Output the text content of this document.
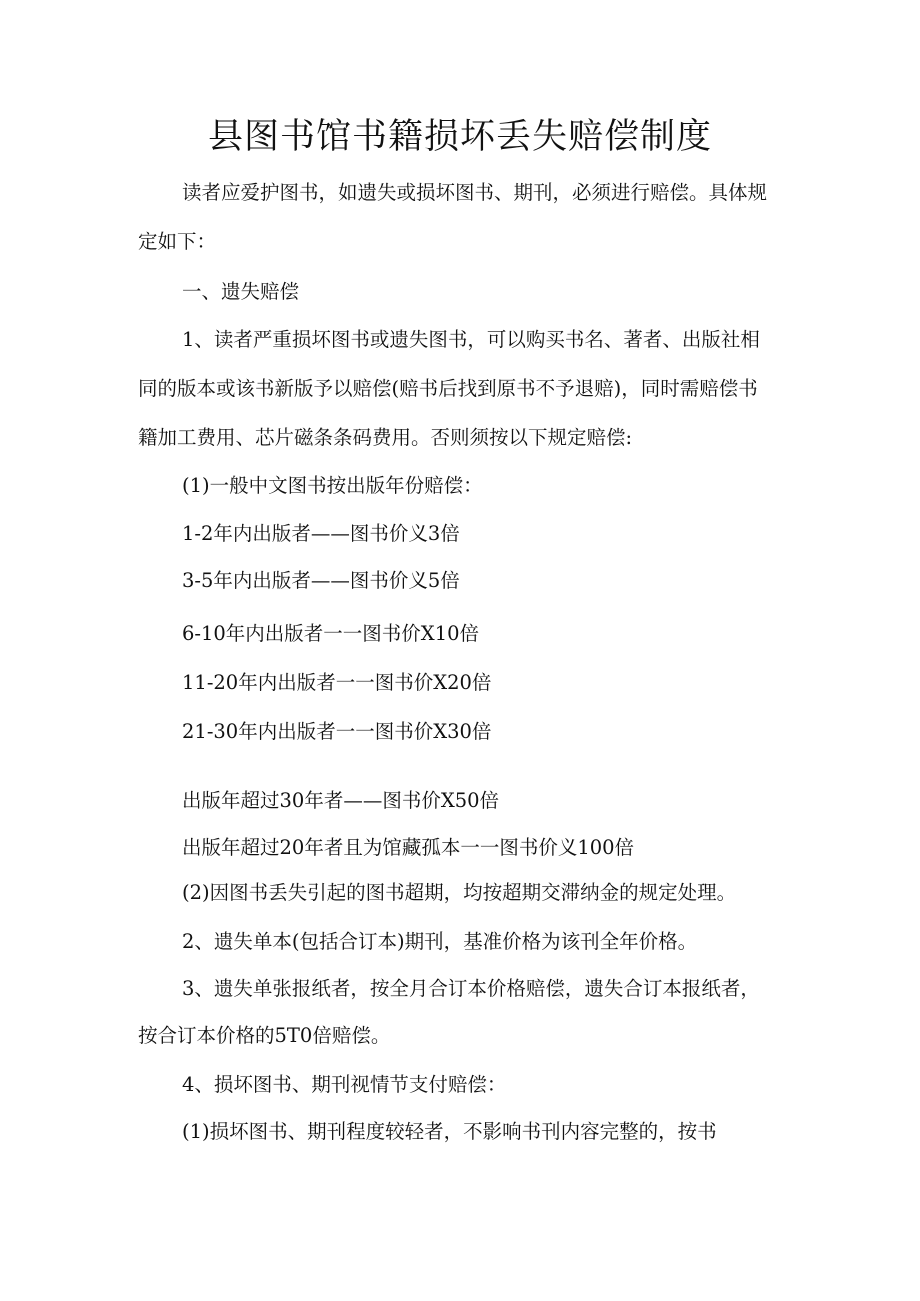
县图书馆书籍损坏丢失赔偿制度

读者应爱护图书，如遗失或损坏图书、期刊，必须进行赔偿。具体规

定如下：

一、遗失赔偿

1、读者严重损坏图书或遗失图书，可以购买书名、著者、出版社相

同的版本或该书新版予以赔偿(赔书后找到原书不予退赔)，同时需赔偿书

籍加工费用、芯片磁条条码费用。否则须按以下规定赔偿:

(1)一般中文图书按出版年份赔偿：

1-2年内出版者——图书价义3倍

3-5年内出版者——图书价义5倍

6-10年内出版者一一图书价X10倍

11-20年内出版者一一图书价X20倍

21-30年内出版者一一图书价X30倍

出版年超过30年者——图书价X50倍

出版年超过20年者且为馆藏孤本一一图书价义100倍

(2)因图书丢失引起的图书超期，均按超期交滞纳金的规定处理。

2、遗失单本(包括合订本)期刊，基准价格为该刊全年价格。

3、遗失单张报纸者，按全月合订本价格赔偿，遗失合订本报纸者，

按合订本价格的5T0倍赔偿。

4、损坏图书、期刊视情节支付赔偿：

(1)损坏图书、期刊程度较轻者，不影响书刊内容完整的，按书
